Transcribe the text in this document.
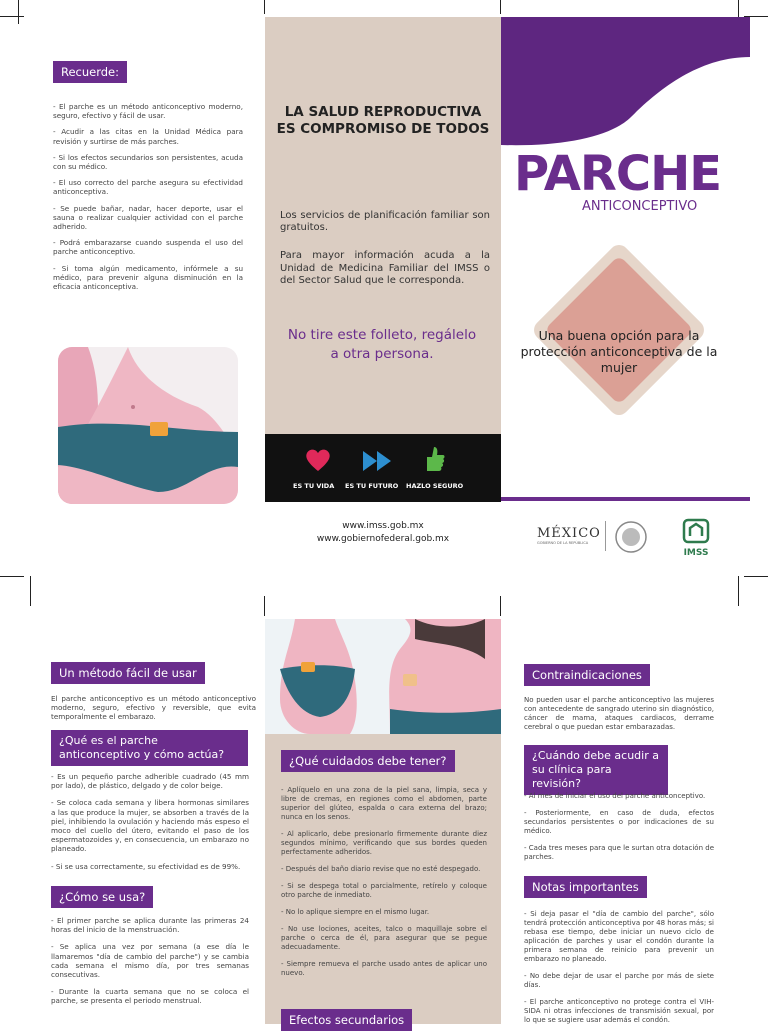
Recuerde:

- El parche es un método anticonceptivo moderno, seguro, efectivo y fácil de usar.

- Acudir a las citas en la Unidad Médica para revisión y surtirse de más parches.

- Si los efectos secundarios son persistentes, acuda con su médico.

- El uso correcto del parche asegura su efectividad anticonceptiva.

- Se puede bañar, nadar, hacer deporte, usar el sauna o realizar cualquier actividad con el parche adherido.

- Podrá embarazarse cuando suspenda el uso del parche anticonceptivo.

- Si toma algún medicamento, infórmele a su médico, para prevenir alguna disminución en la eficacia anticonceptiva.

LA SALUD REPRODUCTIVA ES COMPROMISO DE TODOS
Los servicios de planificación familiar son gratuitos.
Para mayor información acuda a la Unidad de Medicina Familiar del IMSS o del Sector Salud que le corresponda.
No tire este folleto, regálelo a otra persona.
ES TU VIDA ES TU FUTURO HAZLO SEGURO
www.imss.gob.mx
www.gobiernofederal.gob.mx
PARCHE
ANTICONCEPTIVO
Una buena opción para la protección anticonceptiva de la mujer
MÉXICO
GOBIERNO DE LA REPÚBLICA
IMSS
Un método fácil de usar
El parche anticonceptivo es un método anticonceptivo moderno, seguro, efectivo y reversible, que evita temporalmente el embarazo.
¿Qué es el parche anticonceptivo y cómo actúa?

- Es un pequeño parche adherible cuadrado (45 mm por lado), de plástico, delgado y de color beige.

- Se coloca cada semana y libera hormonas similares a las que produce la mujer, se absorben a través de la piel, inhibiendo la ovulación y haciendo más espeso el moco del cuello del útero, evitando el paso de los espermatozoides y, en consecuencia, un embarazo no planeado.

- Si se usa correctamente, su efectividad es de 99%.

¿Cómo se usa?

- El primer parche se aplica durante las primeras 24 horas del inicio de la menstruación.

- Se aplica una vez por semana (a ese día le llamaremos "día de cambio del parche") y se cambia cada semana el mismo día, por tres semanas consecutivas.

- Durante la cuarta semana que no se coloca el parche, se presenta el periodo menstrual.

¿Qué cuidados debe tener?

- Aplíquelo en una zona de la piel sana, limpia, seca y libre de cremas, en regiones como el abdomen, parte superior del glúteo, espalda o cara externa del brazo; nunca en los senos.

- Al aplicarlo, debe presionarlo firmemente durante diez segundos mínimo, verificando que sus bordes queden perfectamente adheridos.

- Después del baño diario revise que no esté despegado.

- Si se despega total o parcialmente, retírelo y coloque otro parche de inmediato.

- No lo aplique siempre en el mismo lugar.

- No use lociones, aceites, talco o maquillaje sobre el parche o cerca de él, para asegurar que se pegue adecuadamente.

- Siempre remueva el parche usado antes de aplicar uno nuevo.

Efectos secundarios
Contraindicaciones
No pueden usar el parche anticonceptivo las mujeres con antecedente de sangrado uterino sin diagnóstico, cáncer de mama, ataques cardiacos, derrame cerebral o que puedan estar embarazadas.
¿Cuándo debe acudir a su clínica para revisión?

- Al mes de iniciar el uso del parche anticonceptivo.

- Posteriormente, en caso de duda, efectos secundarios persistentes o por indicaciones de su médico.

- Cada tres meses para que le surtan otra dotación de parches.

Notas importantes

- Si deja pasar el "día de cambio del parche", sólo tendrá protección anticonceptiva por 48 horas más; si rebasa ese tiempo, debe iniciar un nuevo ciclo de aplicación de parches y usar el condón durante la primera semana de reinicio para prevenir un embarazo no planeado.

- No debe dejar de usar el parche por más de siete días.

- El parche anticonceptivo no protege contra el VIH-SIDA ni otras infecciones de transmisión sexual, por lo que se sugiere usar además el condón.
